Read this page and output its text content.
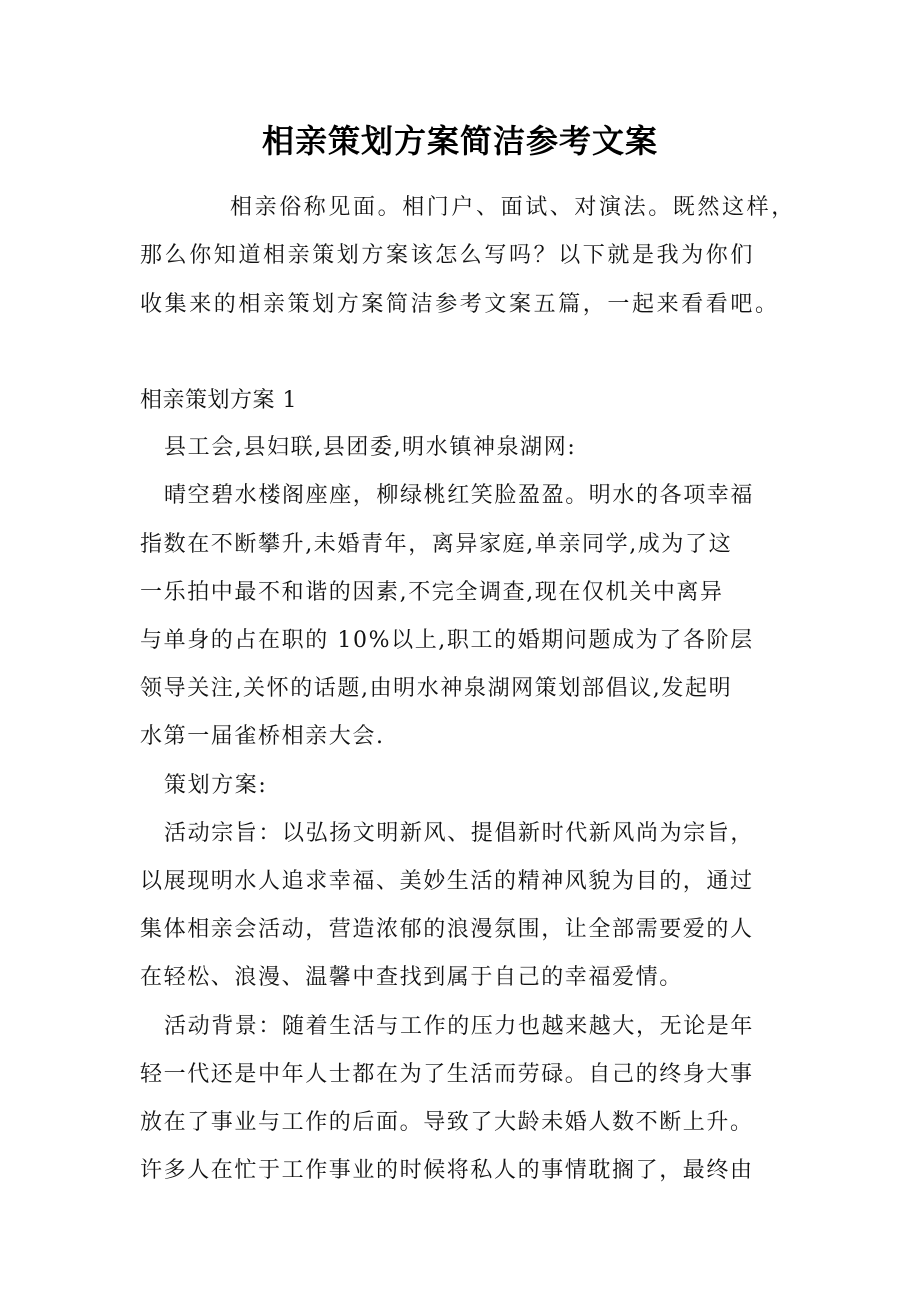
相亲策划方案简洁参考文案
相亲俗称见面。相门户、面试、对演法。既然这样，
那么你知道相亲策划方案该怎么写吗？以下就是我为你们
收集来的相亲策划方案简洁参考文案五篇，一起来看看吧。
相亲策划方案 1
县工会,县妇联,县团委,明水镇神泉湖网:
晴空碧水楼阁座座，柳绿桃红笑脸盈盈。明水的各项幸福
指数在不断攀升,未婚青年，离异家庭,单亲同学,成为了这
一乐拍中最不和谐的因素,不完全调查,现在仅机关中离异
与单身的占在职的 10%以上,职工的婚期问题成为了各阶层
领导关注,关怀的话题,由明水神泉湖网策划部倡议,发起明
水第一届雀桥相亲大会.
策划方案:
活动宗旨：以弘扬文明新风、提倡新时代新风尚为宗旨，
以展现明水人追求幸福、美妙生活的精神风貌为目的，通过
集体相亲会活动，营造浓郁的浪漫氛围，让全部需要爱的人
在轻松、浪漫、温馨中查找到属于自己的幸福爱情。
活动背景：随着生活与工作的压力也越来越大，无论是年
轻一代还是中年人士都在为了生活而劳碌。自己的终身大事
放在了事业与工作的后面。导致了大龄未婚人数不断上升。
许多人在忙于工作事业的时候将私人的事情耽搁了，最终由
